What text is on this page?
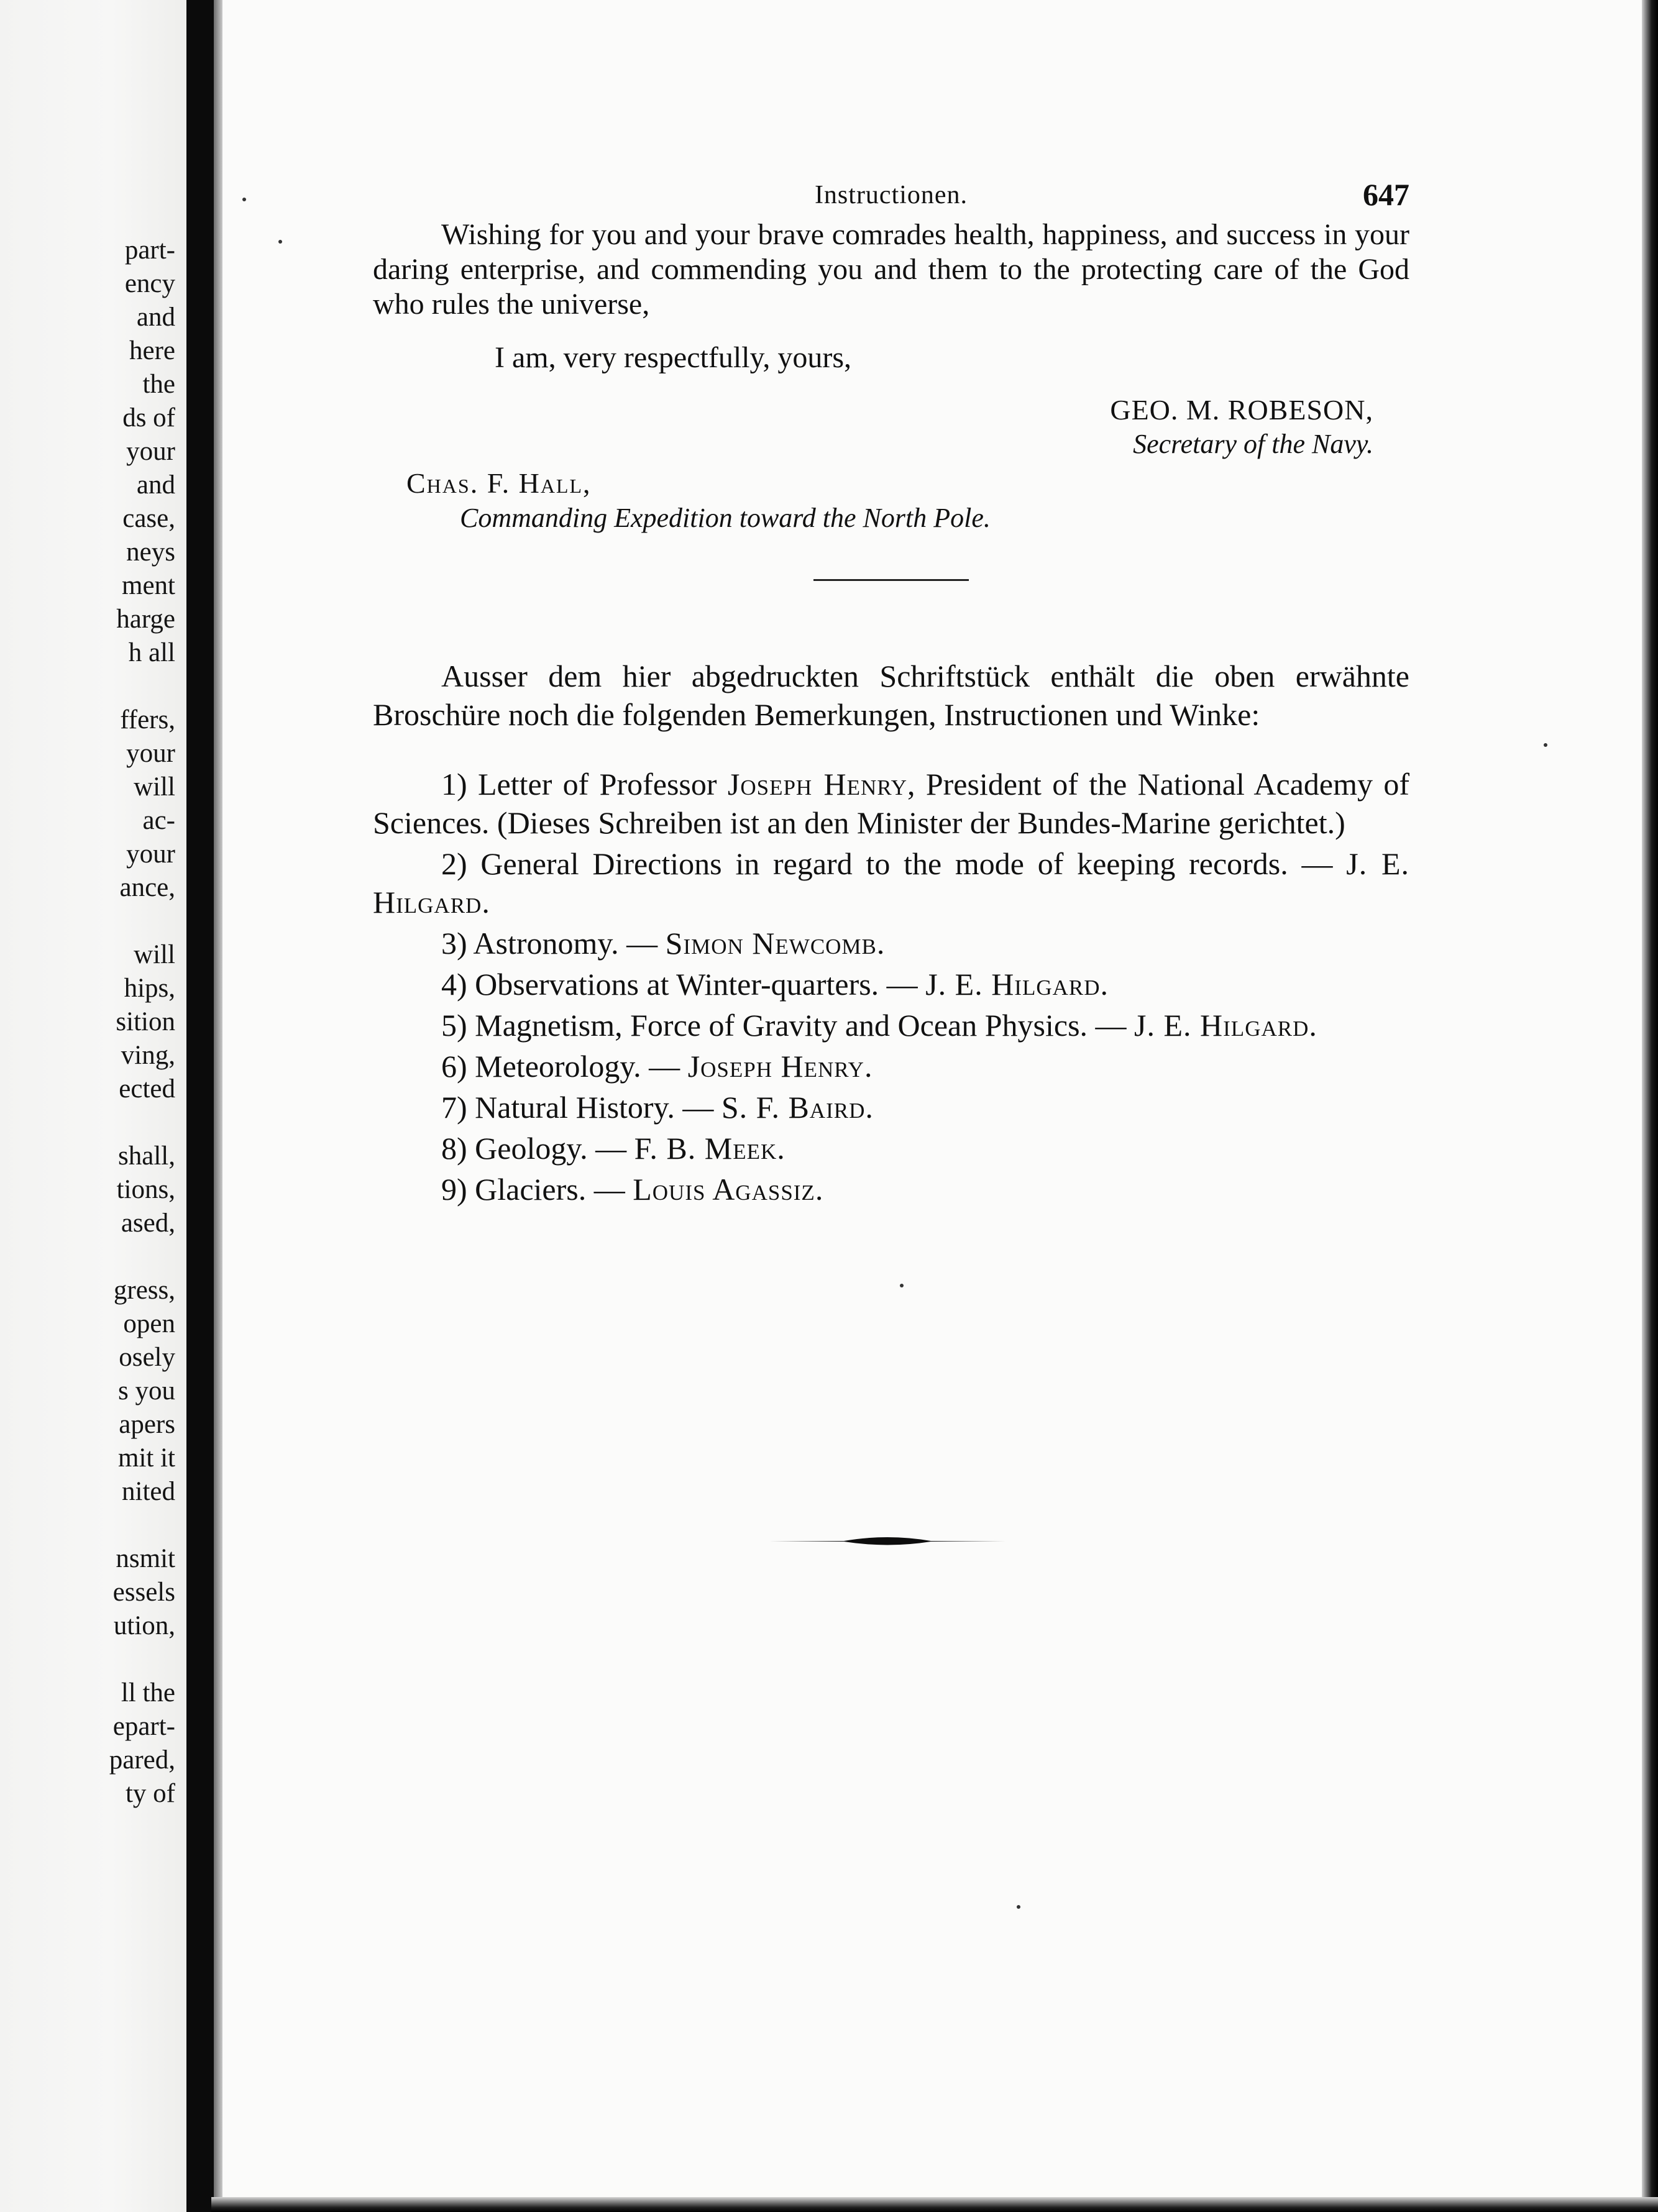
part-
ency
and
here
the
ds of
your
and
case,
neys
ment
harge
h all
ffers,
your
will
ac-
your
ance,
will
hips,
sition
ving,
ected
shall,
tions,
ased,
gress,
open
osely
s you
apers
mit it
nited
nsmit
essels
ution,
ll the
epart-
pared,
ty of
Instructionen.	647

Wishing for you and your brave comrades health, happiness, and success in your daring enterprise, and commending you and them to the protecting care of the God who rules the universe,

I am, very respectfully, yours,
GEO. M. ROBESON,
Secretary of the Navy.
Chas. F. Hall,
Commanding Expedition toward the North Pole.

Ausser dem hier abgedruckten Schriftstück enthält die oben erwähnte Broschüre noch die folgenden Bemerkungen, Instructionen und Winke:

1) Letter of Professor Joseph Henry, President of the National Academy of Sciences. (Dieses Schreiben ist an den Minister der Bundes-Marine gerichtet.)
2) General Directions in regard to the mode of keeping records. — J. E. Hilgard.
3) Astronomy. — Simon Newcomb.
4) Observations at Winter-quarters. — J. E. Hilgard.
5) Magnetism, Force of Gravity and Ocean Physics. — J. E. Hilgard.
6) Meteorology. — Joseph Henry.
7) Natural History. — S. F. Baird.
8) Geology. — F. B. Meek.
9) Glaciers. — Louis Agassiz.
